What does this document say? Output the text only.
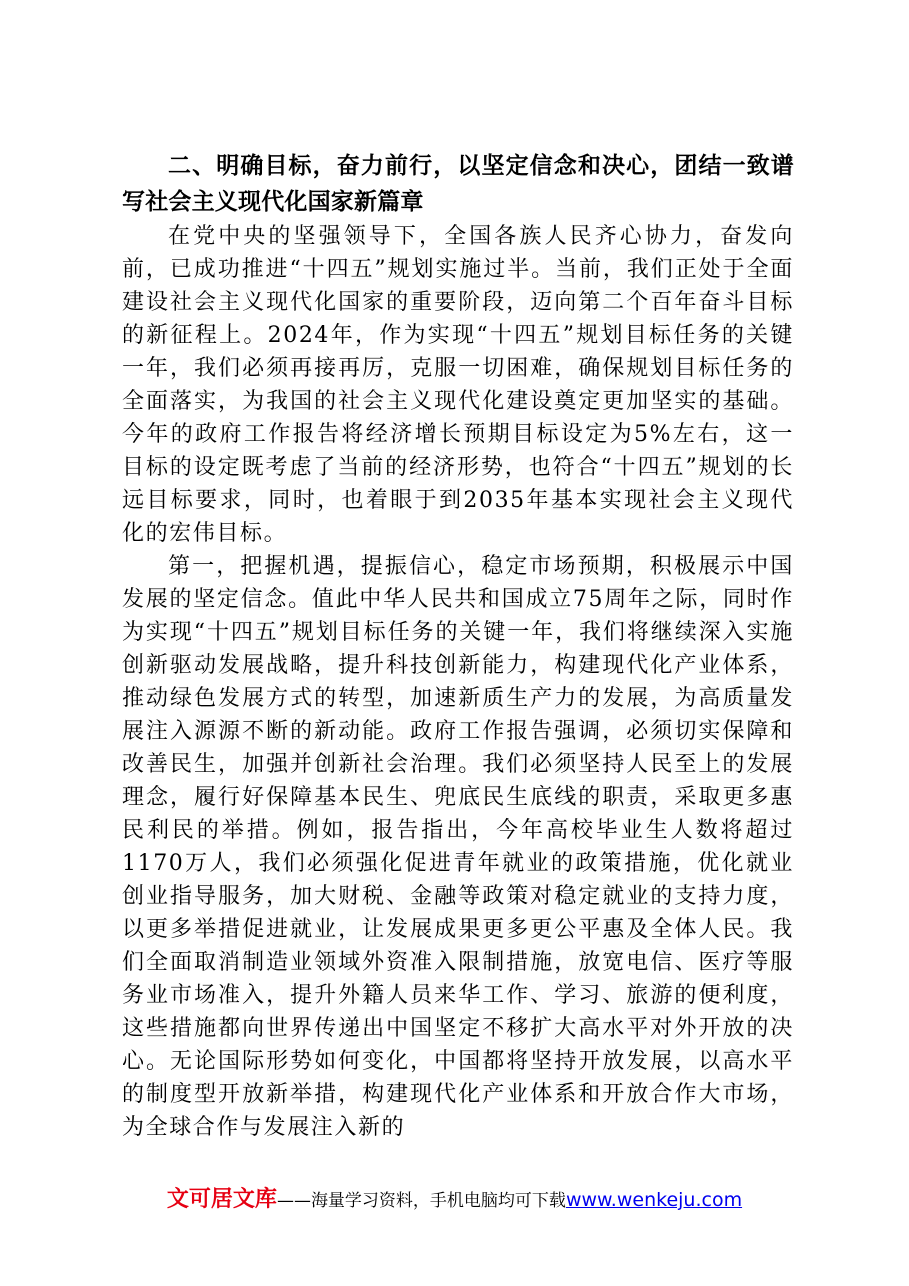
二、明确目标，奋力前行，以坚定信念和决心，团结一致谱写社会主义现代化国家新篇章

在党中央的坚强领导下，全国各族人民齐心协力，奋发向前，已成功推进“十四五”规划实施过半。当前，我们正处于全面建设社会主义现代化国家的重要阶段，迈向第二个百年奋斗目标的新征程上。2024年，作为实现“十四五”规划目标任务的关键一年，我们必须再接再厉，克服一切困难，确保规划目标任务的全面落实，为我国的社会主义现代化建设奠定更加坚实的基础。今年的政府工作报告将经济增长预期目标设定为5%左右，这一目标的设定既考虑了当前的经济形势，也符合“十四五”规划的长远目标要求，同时，也着眼于到2035年基本实现社会主义现代化的宏伟目标。

第一，把握机遇，提振信心，稳定市场预期，积极展示中国发展的坚定信念。值此中华人民共和国成立75周年之际，同时作为实现“十四五”规划目标任务的关键一年，我们将继续深入实施创新驱动发展战略，提升科技创新能力，构建现代化产业体系，推动绿色发展方式的转型，加速新质生产力的发展，为高质量发展注入源源不断的新动能。政府工作报告强调，必须切实保障和改善民生，加强并创新社会治理。我们必须坚持人民至上的发展理念，履行好保障基本民生、兜底民生底线的职责，采取更多惠民利民的举措。例如，报告指出，今年高校毕业生人数将超过1170万人，我们必须强化促进青年就业的政策措施，优化就业创业指导服务，加大财税、金融等政策对稳定就业的支持力度，以更多举措促进就业，让发展成果更多更公平惠及全体人民。我们全面取消制造业领域外资准入限制措施，放宽电信、医疗等服务业市场准入，提升外籍人员来华工作、学习、旅游的便利度，这些措施都向世界传递出中国坚定不移扩大高水平对外开放的决心。无论国际形势如何变化，中国都将坚持开放发展，以高水平的制度型开放新举措，构建现代化产业体系和开放合作大市场，为全球合作与发展注入新的

文可居文库——海量学习资料，手机电脑均可下载www.wenkeju.com
